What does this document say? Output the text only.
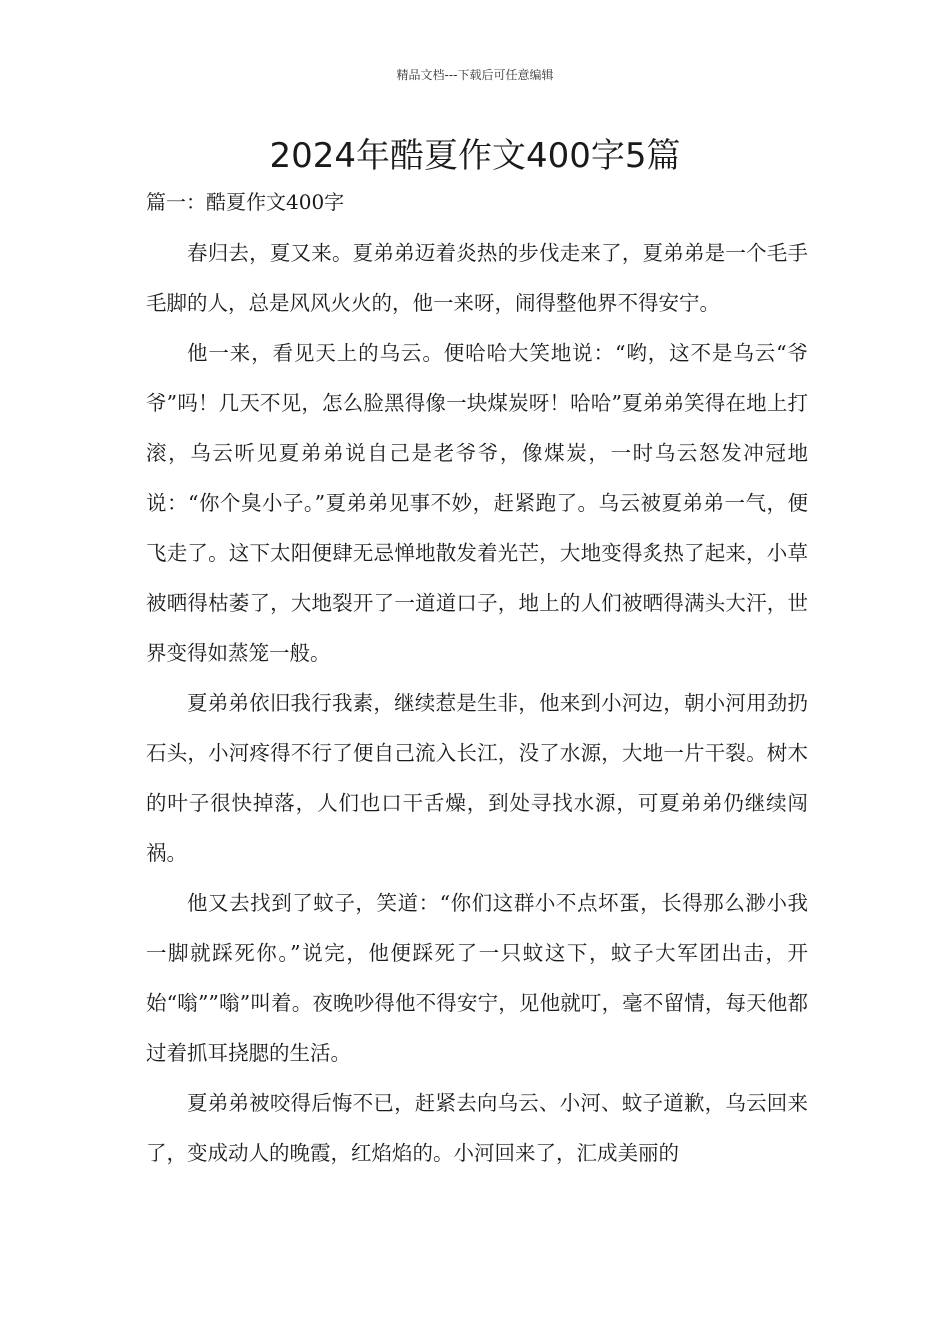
精品文档---下载后可任意编辑
2024年酷夏作文400字5篇
篇一：酷夏作文400字

春归去，夏又来。夏弟弟迈着炎热的步伐走来了，夏弟弟是一个毛手毛脚的人，总是风风火火的，他一来呀，闹得整他界不得安宁。

他一来，看见天上的乌云。便哈哈大笑地说：“哟，这不是乌云“爷爷”吗！几天不见，怎么脸黑得像一块煤炭呀！哈哈”夏弟弟笑得在地上打滚，乌云听见夏弟弟说自己是老爷爷，像煤炭，一时乌云怒发冲冠地说：“你个臭小子。”夏弟弟见事不妙，赶紧跑了。乌云被夏弟弟一气，便飞走了。这下太阳便肆无忌惮地散发着光芒，大地变得炙热了起来，小草被晒得枯萎了，大地裂开了一道道口子，地上的人们被晒得满头大汗，世界变得如蒸笼一般。

夏弟弟依旧我行我素，继续惹是生非，他来到小河边，朝小河用劲扔石头，小河疼得不行了便自己流入长江，没了水源，大地一片干裂。树木的叶子很快掉落，人们也口干舌燥，到处寻找水源，可夏弟弟仍继续闯祸。

他又去找到了蚊子，笑道：“你们这群小不点坏蛋，长得那么渺小我一脚就踩死你。”说完，他便踩死了一只蚊这下，蚊子大军团出击，开始“嗡””嗡”叫着。夜晚吵得他不得安宁，见他就叮，毫不留情，每天他都过着抓耳挠腮的生活。

夏弟弟被咬得后悔不已，赶紧去向乌云、小河、蚊子道歉，乌云回来了，变成动人的晚霞，红焰焰的。小河回来了，汇成美丽的
